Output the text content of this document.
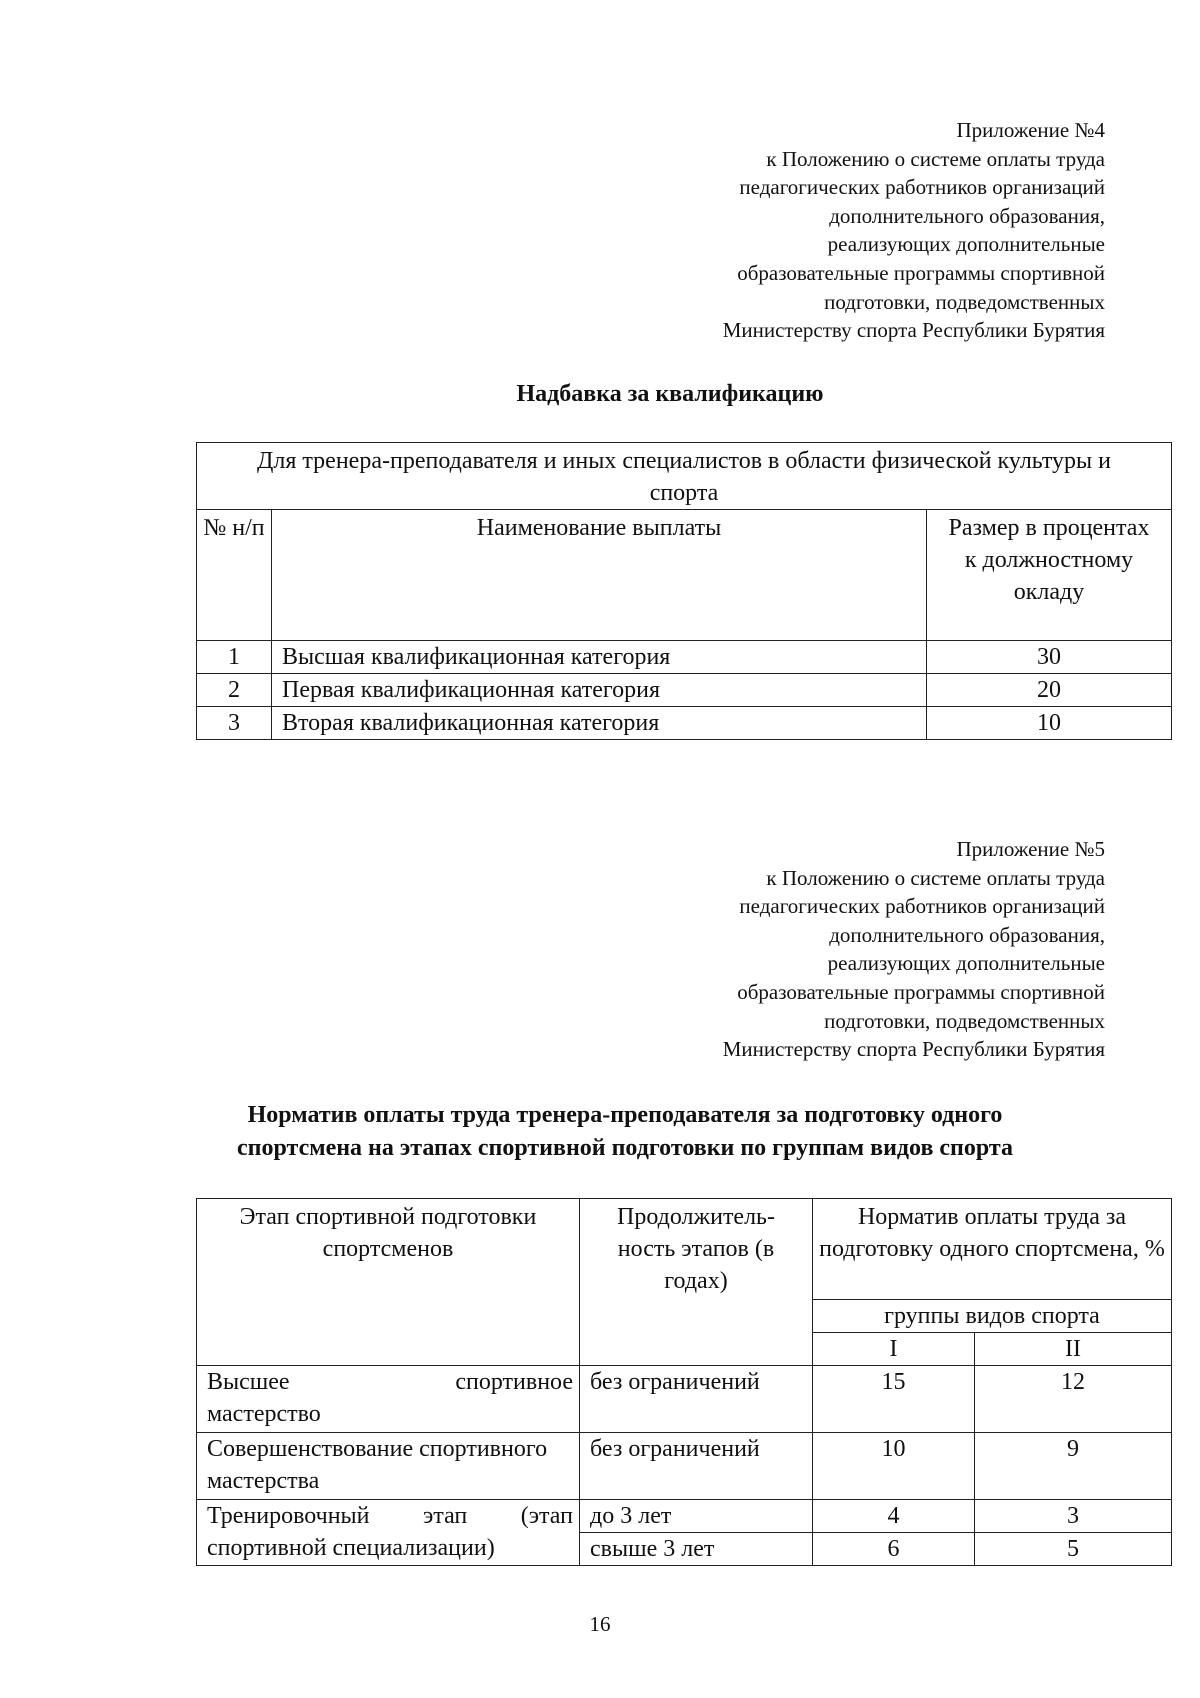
Приложение №4
к Положению о системе оплаты труда
педагогических работников организаций
дополнительного образования,
реализующих дополнительные
образовательные программы спортивной
подготовки, подведомственных
Министерству спорта Республики Бурятия
Надбавка за квалификацию
Для тренера-преподавателя и иных специалистов в области физической культуры и спорта		
№ н/п	Наименование выплаты	Размер в процентах к должностному окладу
1	Высшая квалификационная категория	30
2	Первая квалификационная категория	20
3	Вторая квалификационная категория	10
Приложение №5
к Положению о системе оплаты труда
педагогических работников организаций
дополнительного образования,
реализующих дополнительные
образовательные программы спортивной
подготовки, подведомственных
Министерству спорта Республики Бурятия
Норматив оплаты труда тренера-преподавателя за подготовку одного
спортсмена на этапах спортивной подготовки по группам видов спорта
Этап спортивной подготовки спортсменов	Продолжитель-ность этапов (в годах)	Норматив оплаты труда за подготовку одного спортсмена, %	
		группы видов спорта	
		I	II

Высшее спортивное
мастерство	без ограничений	15	12
Совершенствование спортивного мастерства	без ограничений	10	9

Тренировочный этап (этап
спортивной специализации)	до 3 лет	4	3
	свыше 3 лет	6	5
16
